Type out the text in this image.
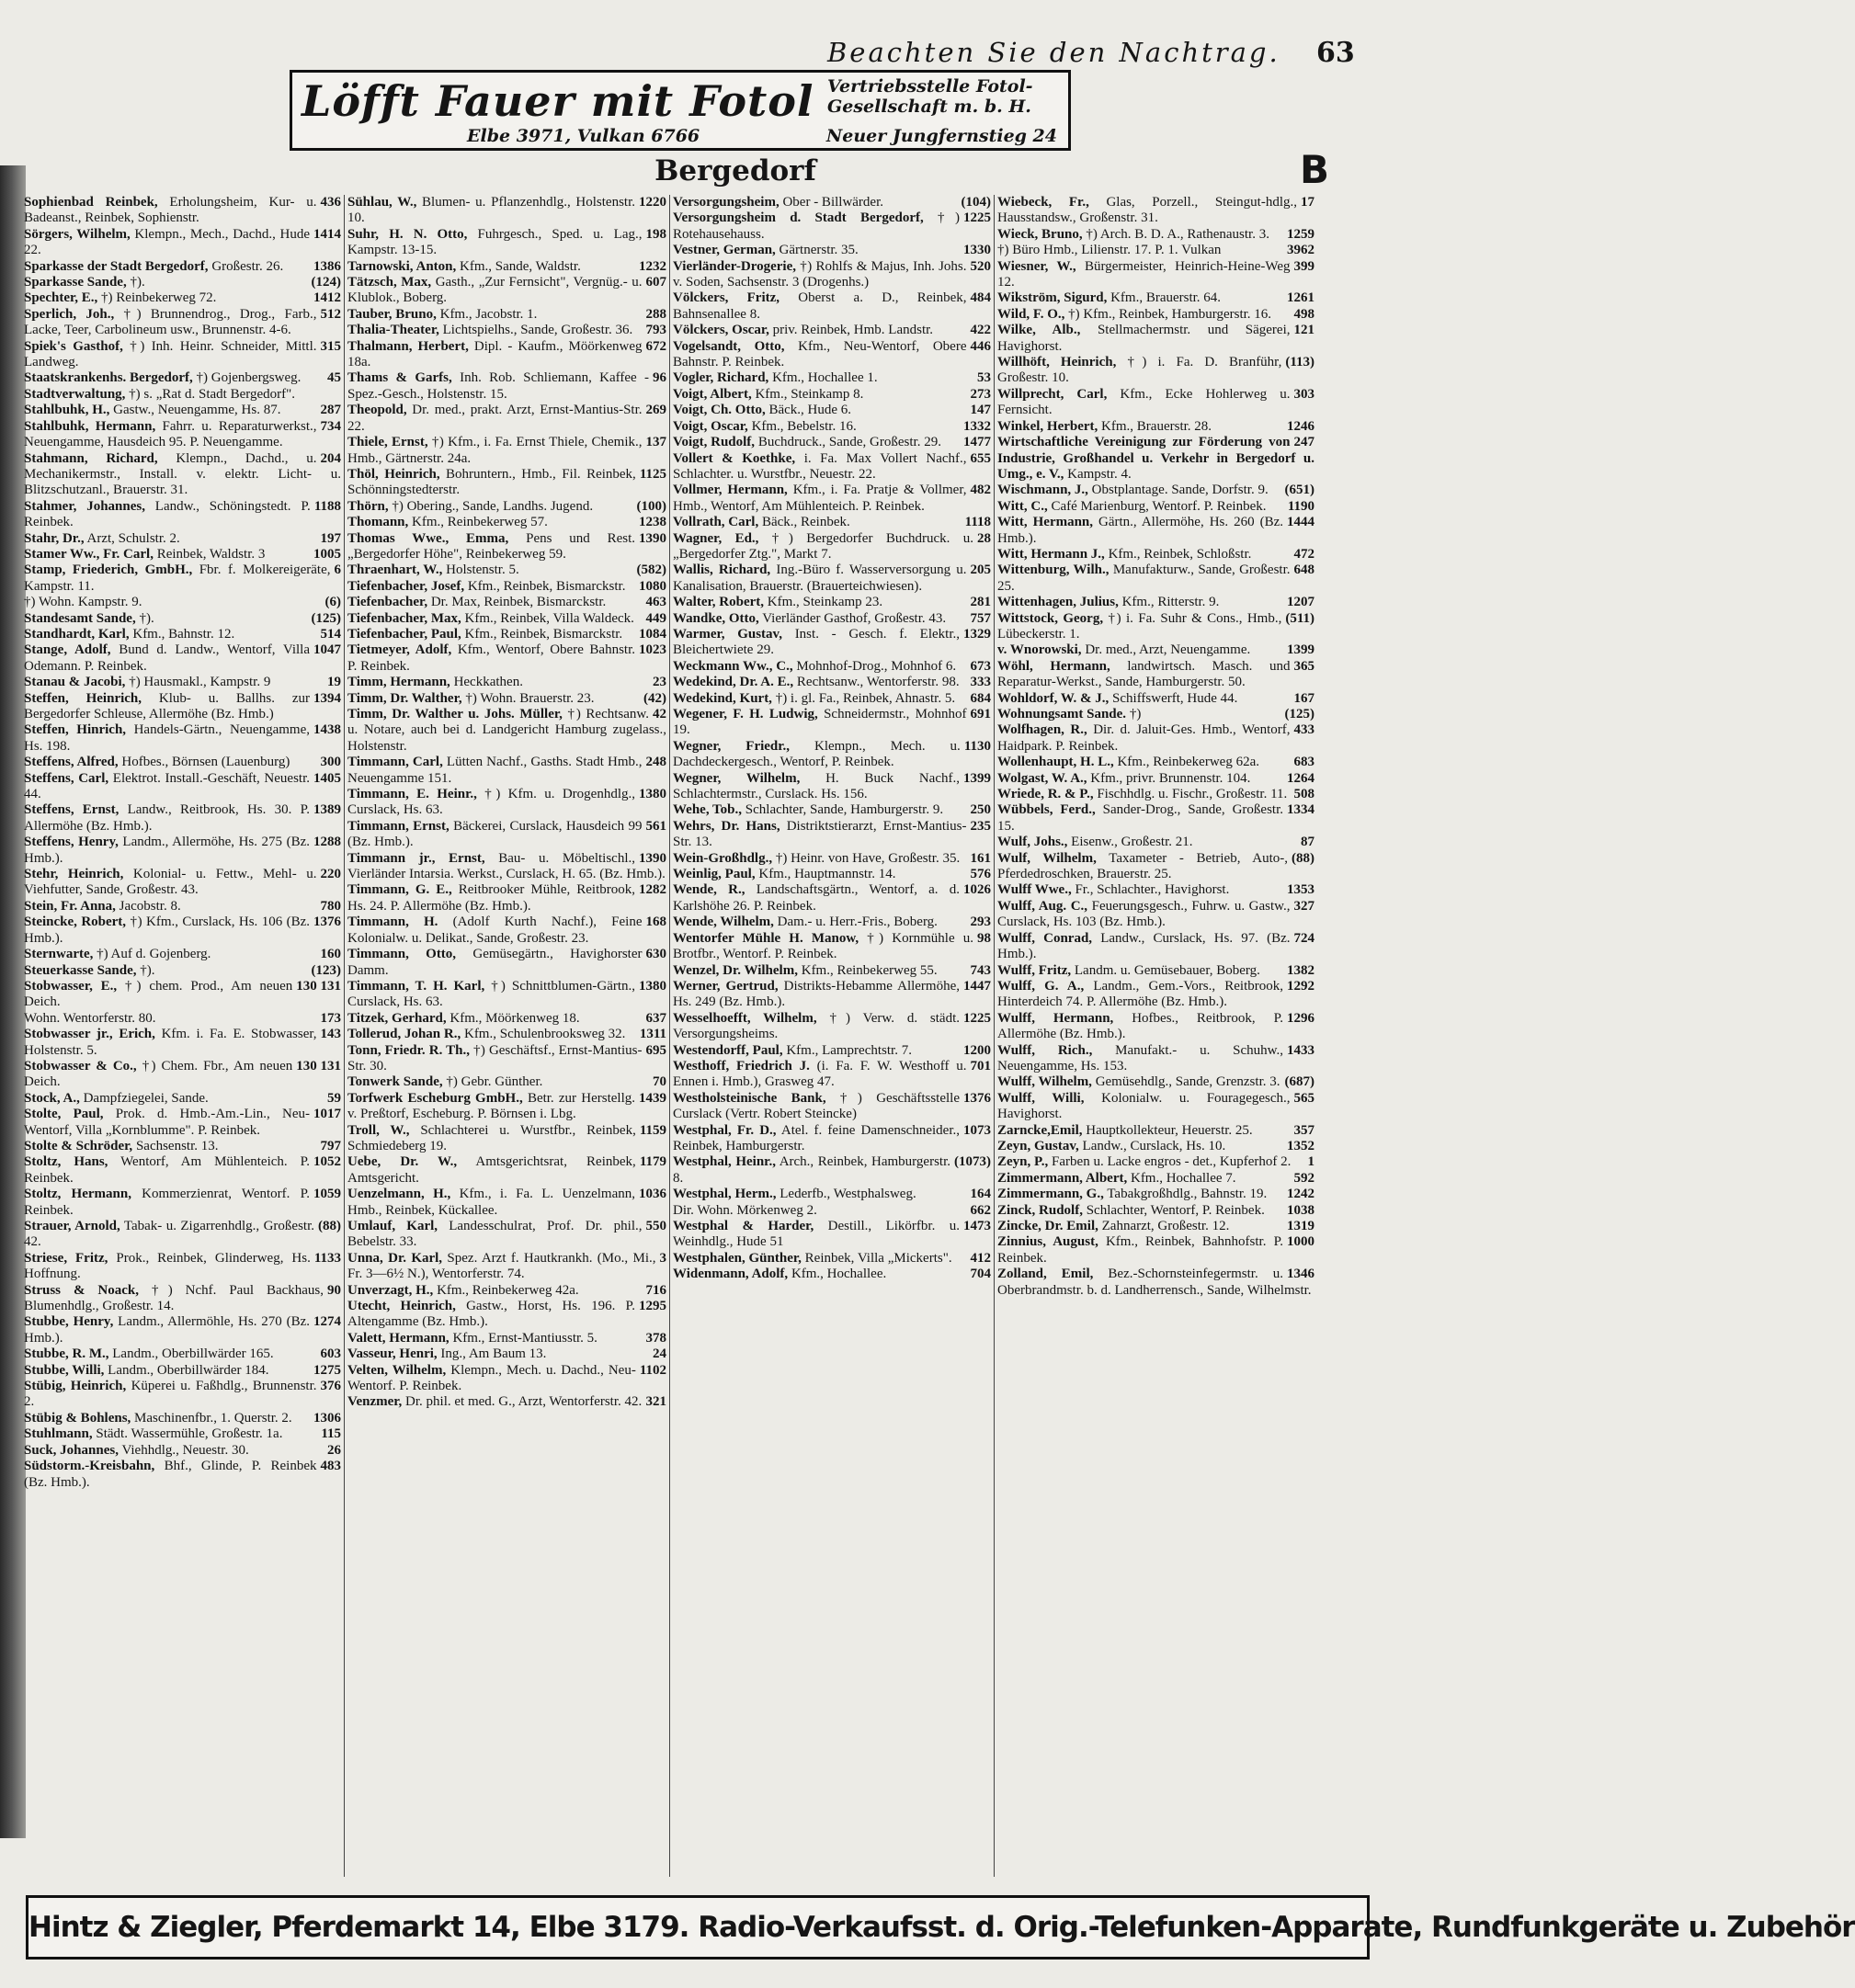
Beachten Sie den Nachtrag.	63
Löfft Fauer mit Fotol
Elbe 3971, Vulkan 6766
Vertriebsstelle Fotol-Gesellschaft m. b. H.
Neuer Jungfernstieg 24
Bergedorf	B
436
Sophienbad Reinbek, Erholungsheim, Kur- u. Badeanst., Reinbek, Sophienstr.
1414
Sörgers, Wilhelm, Klempn., Mech., Dachd., Hude 22.
1386
Sparkasse der Stadt Bergedorf, Großestr. 26.
(124)
Sparkasse Sande, †).
1412
Spechter, E., †) Reinbekerweg 72.
512
Sperlich, Joh., †) Brunnendrog., Drog., Farb., Lacke, Teer, Carbolineum usw., Brunnenstr. 4-6.
315
Spiek's Gasthof, †) Inh. Heinr. Schneider, Mittl. Landweg.
45
Staatskrankenhs. Bergedorf, †) Gojenbergsweg.
Stadtverwaltung, †) s. „Rat d. Stadt Bergedorf".
287
Stahlbuhk, H., Gastw., Neuengamme, Hs. 87.
734
Stahlbuhk, Hermann, Fahrr. u. Reparaturwerkst., Neuengamme, Hausdeich 95. P. Neuengamme.
204
Stahmann, Richard, Klempn., Dachd., u. Mechanikermstr., Install. v. elektr. Licht- u. Blitzschutzanl., Brauerstr. 31.
1188
Stahmer, Johannes, Landw., Schöningstedt. P. Reinbek.
197
Stahr, Dr., Arzt, Schulstr. 2.
1005
Stamer Ww., Fr. Carl, Reinbek, Waldstr. 3
6
Stamp, Friederich, GmbH., Fbr. f. Molkereigeräte, Kampstr. 11.
(6)
†) Wohn. Kampstr. 9.
(125)
Standesamt Sande, †).
514
Standhardt, Karl, Kfm., Bahnstr. 12.
1047
Stange, Adolf, Bund d. Landw., Wentorf, Villa Odemann. P. Reinbek.
19
Stanau & Jacobi, †) Hausmakl., Kampstr. 9
1394
Steffen, Heinrich, Klub- u. Ballhs. zur Bergedorfer Schleuse, Allermöhe (Bz. Hmb.)
1438
Steffen, Hinrich, Handels-Gärtn., Neuengamme, Hs. 198.
300
Steffens, Alfred, Hofbes., Börnsen (Lauenburg)
1405
Steffens, Carl, Elektrot. Install.-Geschäft, Neuestr. 44.
1389
Steffens, Ernst, Landw., Reitbrook, Hs. 30. P. Allermöhe (Bz. Hmb.).
1288
Steffens, Henry, Landm., Allermöhe, Hs. 275 (Bz. Hmb.).
220
Stehr, Heinrich, Kolonial- u. Fettw., Mehl- u. Viehfutter, Sande, Großestr. 43.
780
Stein, Fr. Anna, Jacobstr. 8.
1376
Steincke, Robert, †) Kfm., Curslack, Hs. 106 (Bz. Hmb.).
160
Sternwarte, †) Auf d. Gojenberg.
(123)
Steuerkasse Sande, †).
130 131
Stobwasser, E., †) chem. Prod., Am neuen Deich.
173
Wohn. Wentorferstr. 80.
143
Stobwasser jr., Erich, Kfm. i. Fa. E. Stobwasser, Holstenstr. 5.
130 131
Stobwasser & Co., †) Chem. Fbr., Am neuen Deich.
59
Stock, A., Dampfziegelei, Sande.
1017
Stolte, Paul, Prok. d. Hmb.-Am.-Lin., Neu-Wentorf, Villa „Kornblumme". P. Reinbek.
797
Stolte & Schröder, Sachsenstr. 13.
1052
Stoltz, Hans, Wentorf, Am Mühlenteich. P. Reinbek.
1059
Stoltz, Hermann, Kommerzienrat, Wentorf. P. Reinbek.
(88)
Strauer, Arnold, Tabak- u. Zigarrenhdlg., Großestr. 42.
1133
Striese, Fritz, Prok., Reinbek, Glinderweg, Hs. Hoffnung.
90
Struss & Noack, †) Nchf. Paul Backhaus, Blumenhdlg., Großestr. 14.
1274
Stubbe, Henry, Landm., Allermöhle, Hs. 270 (Bz. Hmb.).
603
Stubbe, R. M., Landm., Oberbillwärder 165.
1275
Stubbe, Willi, Landm., Oberbillwärder 184.
376
Stübig, Heinrich, Küperei u. Faßhdlg., Brunnenstr. 2.
1306
Stübig & Bohlens, Maschinenfbr., 1. Querstr. 2.
115
Stuhlmann, Städt. Wassermühle, Großestr. 1a.
26
Suck, Johannes, Viehhdlg., Neuestr. 30.
483
Südstorm.-Kreisbahn, Bhf., Glinde, P. Reinbek (Bz. Hmb.).
1220
Sühlau, W., Blumen- u. Pflanzenhdlg., Holstenstr. 10.
198
Suhr, H. N. Otto, Fuhrgesch., Sped. u. Lag., Kampstr. 13-15.
1232
Tarnowski, Anton, Kfm., Sande, Waldstr.
607
Tätzsch, Max, Gasth., „Zur Fernsicht", Vergnüg.- u. Klublok., Boberg.
288
Tauber, Bruno, Kfm., Jacobstr. 1.
793
Thalia-Theater, Lichtspielhs., Sande, Großestr. 36.
672
Thalmann, Herbert, Dipl. - Kaufm., Möörkenweg 18a.
96
Thams & Garfs, Inh. Rob. Schliemann, Kaffee - Spez.-Gesch., Holstenstr. 15.
269
Theopold, Dr. med., prakt. Arzt, Ernst-Mantius-Str. 22.
137
Thiele, Ernst, †) Kfm., i. Fa. Ernst Thiele, Chemik., Hmb., Gärtnerstr. 24a.
1125
Thöl, Heinrich, Bohruntern., Hmb., Fil. Reinbek, Schönningstedterstr.
(100)
Thörn, †) Obering., Sande, Landhs. Jugend.
1238
Thomann, Kfm., Reinbekerweg 57.
1390
Thomas Wwe., Emma, Pens und Rest. „Bergedorfer Höhe", Reinbekerweg 59.
(582)
Thraenhart, W., Holstenstr. 5.
1080
Tiefenbacher, Josef, Kfm., Reinbek, Bismarckstr.
463
Tiefenbacher, Dr. Max, Reinbek, Bismarckstr.
449
Tiefenbacher, Max, Kfm., Reinbek, Villa Waldeck.
1084
Tiefenbacher, Paul, Kfm., Reinbek, Bismarckstr.
1023
Tietmeyer, Adolf, Kfm., Wentorf, Obere Bahnstr. P. Reinbek.
23
Timm, Hermann, Heckkathen.
(42)
Timm, Dr. Walther, †) Wohn. Brauerstr. 23.
42
Timm, Dr. Walther u. Johs. Müller, †) Rechtsanw. u. Notare, auch bei d. Landgericht Hamburg zugelass., Holstenstr.
248
Timmann, Carl, Lütten Nachf., Gasths. Stadt Hmb., Neuengamme 151.
1380
Timmann, E. Heinr., †) Kfm. u. Drogenhdlg., Curslack, Hs. 63.
561
Timmann, Ernst, Bäckerei, Curslack, Hausdeich 99 (Bz. Hmb.).
1390
Timmann jr., Ernst, Bau- u. Möbeltischl., Vierländer Intarsia. Werkst., Curslack, H. 65. (Bz. Hmb.).
1282
Timmann, G. E., Reitbrooker Mühle, Reitbrook, Hs. 24. P. Allermöhe (Bz. Hmb.).
168
Timmann, H. (Adolf Kurth Nachf.), Feine Kolonialw. u. Delikat., Sande, Großestr. 23.
630
Timmann, Otto, Gemüsegärtn., Havighorster Damm.
1380
Timmann, T. H. Karl, †) Schnittblumen-Gärtn., Curslack, Hs. 63.
637
Titzek, Gerhard, Kfm., Möörkenweg 18.
1311
Tollerud, Johan R., Kfm., Schulenbrooksweg 32.
695
Tonn, Friedr. R. Th., †) Geschäftsf., Ernst-Mantius-Str. 30.
70
Tonwerk Sande, †) Gebr. Günther.
1439
Torfwerk Escheburg GmbH., Betr. zur Herstellg. v. Preßtorf, Escheburg. P. Börnsen i. Lbg.
1159
Troll, W., Schlachterei u. Wurstfbr., Reinbek, Schmiedeberg 19.
1179
Uebe, Dr. W., Amtsgerichtsrat, Reinbek, Amtsgericht.
1036
Uenzelmann, H., Kfm., i. Fa. L. Uenzelmann, Hmb., Reinbek, Kückallee.
550
Umlauf, Karl, Landesschulrat, Prof. Dr. phil., Bebelstr. 33.
3
Unna, Dr. Karl, Spez. Arzt f. Hautkrankh. (Mo., Mi., Fr. 3—6½ N.), Wentorferstr. 74.
716
Unverzagt, H., Kfm., Reinbekerweg 42a.
1295
Utecht, Heinrich, Gastw., Horst, Hs. 196. P. Altengamme (Bz. Hmb.).
378
Valett, Hermann, Kfm., Ernst-Mantiusstr. 5.
24
Vasseur, Henri, Ing., Am Baum 13.
1102
Velten, Wilhelm, Klempn., Mech. u. Dachd., Neu-Wentorf. P. Reinbek.
321
Venzmer, Dr. phil. et med. G., Arzt, Wentorferstr. 42.
(104)
Versorgungsheim, Ober - Billwärder.
1225
Versorgungsheim d. Stadt Bergedorf, †) Rotehausehauss.
1330
Vestner, German, Gärtnerstr. 35.
520
Vierländer-Drogerie, †) Rohlfs & Majus, Inh. Johs. v. Soden, Sachsenstr. 3 (Drogenhs.)
484
Völckers, Fritz, Oberst a. D., Reinbek, Bahnsenallee 8.
422
Völckers, Oscar, priv. Reinbek, Hmb. Landstr.
446
Vogelsandt, Otto, Kfm., Neu-Wentorf, Obere Bahnstr. P. Reinbek.
53
Vogler, Richard, Kfm., Hochallee 1.
273
Voigt, Albert, Kfm., Steinkamp 8.
147
Voigt, Ch. Otto, Bäck., Hude 6.
1332
Voigt, Oscar, Kfm., Bebelstr. 16.
1477
Voigt, Rudolf, Buchdruck., Sande, Großestr. 29.
655
Vollert & Koethke, i. Fa. Max Vollert Nachf., Schlachter. u. Wurstfbr., Neuestr. 22.
482
Vollmer, Hermann, Kfm., i. Fa. Pratje & Vollmer, Hmb., Wentorf, Am Mühlenteich. P. Reinbek.
1118
Vollrath, Carl, Bäck., Reinbek.
28
Wagner, Ed., †) Bergedorfer Buchdruck. u. „Bergedorfer Ztg.", Markt 7.
205
Wallis, Richard, Ing.-Büro f. Wasserversorgung u. Kanalisation, Brauerstr. (Brauerteichwiesen).
281
Walter, Robert, Kfm., Steinkamp 23.
757
Wandke, Otto, Vierländer Gasthof, Großestr. 43.
1329
Warmer, Gustav, Inst. - Gesch. f. Elektr., Bleichertwiete 29.
673
Weckmann Ww., C., Mohnhof-Drog., Mohnhof 6.
333
Wedekind, Dr. A. E., Rechtsanw., Wentorferstr. 98.
684
Wedekind, Kurt, †) i. gl. Fa., Reinbek, Ahnastr. 5.
691
Wegener, F. H. Ludwig, Schneidermstr., Mohnhof 19.
1130
Wegner, Friedr., Klempn., Mech. u. Dachdeckergesch., Wentorf, P. Reinbek.
1399
Wegner, Wilhelm, H. Buck Nachf., Schlachtermstr., Curslack. Hs. 156.
250
Wehe, Tob., Schlachter, Sande, Hamburgerstr. 9.
235
Wehrs, Dr. Hans, Distriktstierarzt, Ernst-Mantius-Str. 13.
161
Wein-Großhdlg., †) Heinr. von Have, Großestr. 35.
576
Weinlig, Paul, Kfm., Hauptmannstr. 14.
1026
Wende, R., Landschaftsgärtn., Wentorf, a. d. Karlshöhe 26. P. Reinbek.
293
Wende, Wilhelm, Dam.- u. Herr.-Fris., Boberg.
98
Wentorfer Mühle H. Manow, †) Kornmühle u. Brotfbr., Wentorf. P. Reinbek.
743
Wenzel, Dr. Wilhelm, Kfm., Reinbekerweg 55.
1447
Werner, Gertrud, Distrikts-Hebamme Allermöhe, Hs. 249 (Bz. Hmb.).
1225
Wesselhoefft, Wilhelm, †) Verw. d. städt. Versorgungsheims.
1200
Westendorff, Paul, Kfm., Lamprechtstr. 7.
701
Westhoff, Friedrich J. (i. Fa. F. W. Westhoff u. Ennen i. Hmb.), Grasweg 47.
1376
Westholsteinische Bank, †) Geschäftsstelle Curslack (Vertr. Robert Steincke)
1073
Westphal, Fr. D., Atel. f. feine Damenschneider., Reinbek, Hamburgerstr.
(1073)
Westphal, Heinr., Arch., Reinbek, Hamburgerstr. 8.
164
Westphal, Herm., Lederfb., Westphalsweg.
662
Dir. Wohn. Mörkenweg 2.
1473
Westphal & Harder, Destill., Likörfbr. u. Weinhdlg., Hude 51
412
Westphalen, Günther, Reinbek, Villa „Mickerts".
704
Widenmann, Adolf, Kfm., Hochallee.
17
Wiebeck, Fr., Glas, Porzell., Steingut-hdlg., Hausstandsw., Großenstr. 31.
1259
Wieck, Bruno, †) Arch. B. D. A., Rathenaustr. 3.
3962
†) Büro Hmb., Lilienstr. 17. P. 1. Vulkan
399
Wiesner, W., Bürgermeister, Heinrich-Heine-Weg 12.
1261
Wikström, Sigurd, Kfm., Brauerstr. 64.
498
Wild, F. O., †) Kfm., Reinbek, Hamburgerstr. 16.
121
Wilke, Alb., Stellmachermstr. und Sägerei, Havighorst.
(113)
Willhöft, Heinrich, †) i. Fa. D. Branführ, Großestr. 10.
303
Willprecht, Carl, Kfm., Ecke Hohlerweg u. Fernsicht.
1246
Winkel, Herbert, Kfm., Brauerstr. 28.
247
Wirtschaftliche Vereinigung zur Förderung von Industrie, Großhandel u. Verkehr in Bergedorf u. Umg., e. V., Kampstr. 4.
(651)
Wischmann, J., Obstplantage. Sande, Dorfstr. 9.
1190
Witt, C., Café Marienburg, Wentorf. P. Reinbek.
1444
Witt, Hermann, Gärtn., Allermöhe, Hs. 260 (Bz. Hmb.).
472
Witt, Hermann J., Kfm., Reinbek, Schloßstr.
648
Wittenburg, Wilh., Manufakturw., Sande, Großestr. 25.
1207
Wittenhagen, Julius, Kfm., Ritterstr. 9.
(511)
Wittstock, Georg, †) i. Fa. Suhr & Cons., Hmb., Lübeckerstr. 1.
1399
v. Wnorowski, Dr. med., Arzt, Neuengamme.
365
Wöhl, Hermann, landwirtsch. Masch. und Reparatur-Werkst., Sande, Hamburgerstr. 50.
167
Wohldorf, W. & J., Schiffswerft, Hude 44.
(125)
Wohnungsamt Sande. †)
433
Wolfhagen, R., Dir. d. Jaluit-Ges. Hmb., Wentorf, Haidpark. P. Reinbek.
683
Wollenhaupt, H. L., Kfm., Reinbekerweg 62a.
1264
Wolgast, W. A., Kfm., privr. Brunnenstr. 104.
508
Wriede, R. & P., Fischhdlg. u. Fischr., Großestr. 11.
1334
Wübbels, Ferd., Sander-Drog., Sande, Großestr. 15.
87
Wulf, Johs., Eisenw., Großestr. 21.
(88)
Wulf, Wilhelm, Taxameter - Betrieb, Auto-, Pferdedroschken, Brauerstr. 25.
1353
Wulff Wwe., Fr., Schlachter., Havighorst.
327
Wulff, Aug. C., Feuerungsgesch., Fuhrw. u. Gastw., Curslack, Hs. 103 (Bz. Hmb.).
724
Wulff, Conrad, Landw., Curslack, Hs. 97. (Bz. Hmb.).
1382
Wulff, Fritz, Landm. u. Gemüsebauer, Boberg.
1292
Wulff, G. A., Landm., Gem.-Vors., Reitbrook, Hinterdeich 74. P. Allermöhe (Bz. Hmb.).
1296
Wulff, Hermann, Hofbes., Reitbrook, P. Allermöhe (Bz. Hmb.).
1433
Wulff, Rich., Manufakt.- u. Schuhw., Neuengamme, Hs. 153.
(687)
Wulff, Wilhelm, Gemüsehdlg., Sande, Grenzstr. 3.
565
Wulff, Willi, Kolonialw. u. Fouragegesch., Havighorst.
357
Zarncke,Emil, Hauptkollekteur, Heuerstr. 25.
1352
Zeyn, Gustav, Landw., Curslack, Hs. 10.
1
Zeyn, P., Farben u. Lacke engros - det., Kupferhof 2.
592
Zimmermann, Albert, Kfm., Hochallee 7.
1242
Zimmermann, G., Tabakgroßhdlg., Bahnstr. 19.
1038
Zinck, Rudolf, Schlachter, Wentorf, P. Reinbek.
1319
Zincke, Dr. Emil, Zahnarzt, Großestr. 12.
1000
Zinnius, August, Kfm., Reinbek, Bahnhofstr. P. Reinbek.
1346
Zolland, Emil, Bez.-Schornsteinfegermstr. u. Oberbrandmstr. b. d. Landherrensch., Sande, Wilhelmstr.
Hintz & Ziegler, Pferdemarkt 14, Elbe 3179. Radio-Verkaufsst. d. Orig.-Telefunken-Apparate, Rundfunkgeräte u. Zubehör
